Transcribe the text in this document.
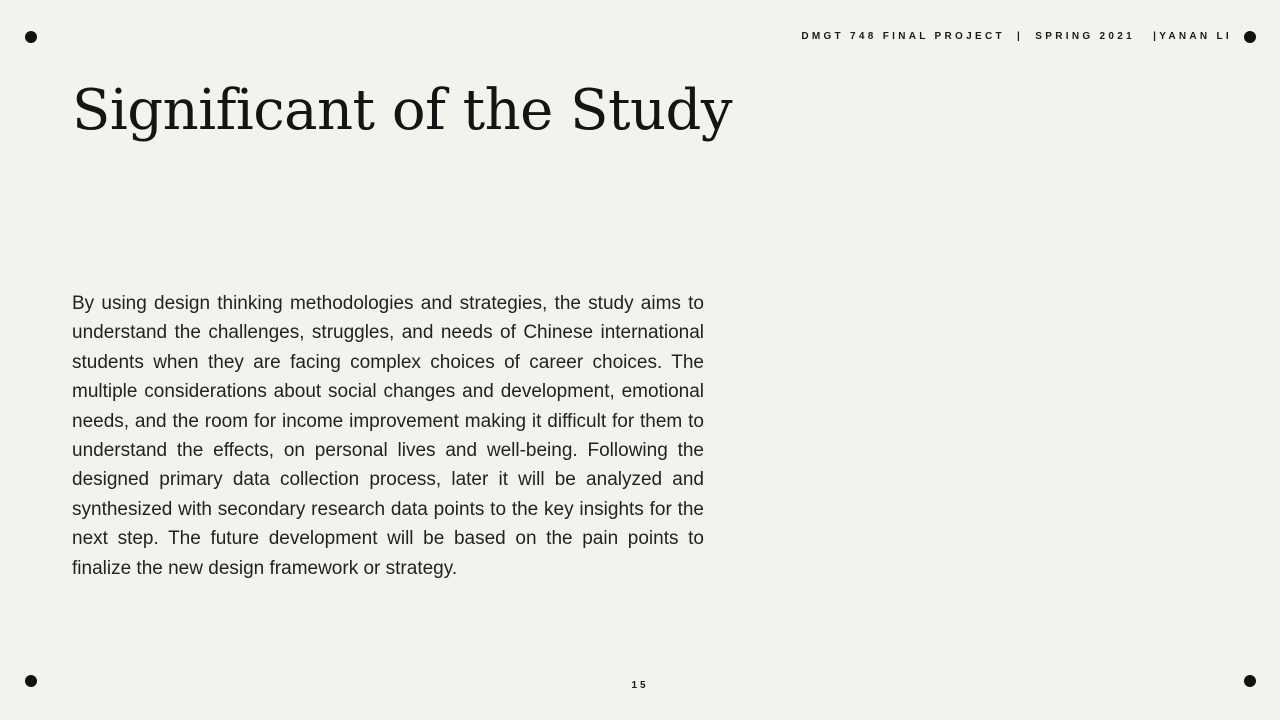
DMGT 748 FINAL PROJECT  |  SPRING 2021   |YANAN LI
Significant of the Study

By using design thinking methodologies and strategies, the study aims to understand the challenges, struggles, and needs of Chinese international students when they are facing complex choices of career choices. The multiple considerations about social changes and development, emotional needs, and the room for income improvement making it difficult for them to understand the effects, on personal lives and well-being. Following the designed primary data collection process, later it will be analyzed and synthesized with secondary research data points to the key insights for the next step. The future development will be based on the pain points to finalize the new design framework or strategy.

15
